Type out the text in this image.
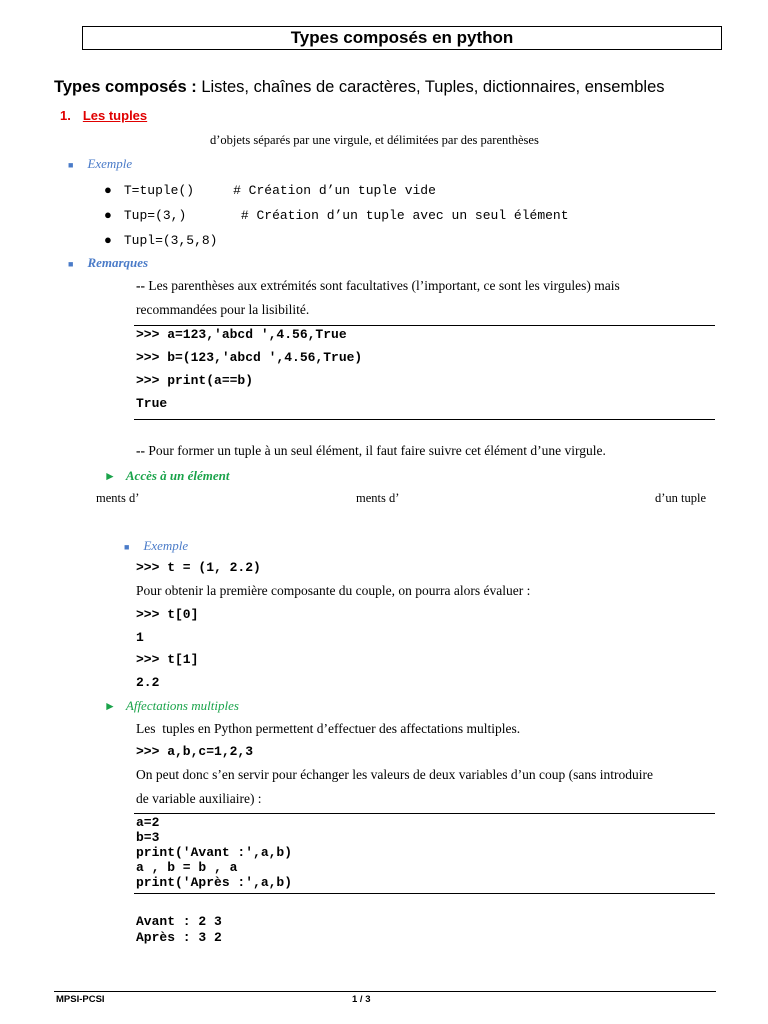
Types composés en python
Types composés : Listes, chaînes de caractères, Tuples, dictionnaires, ensembles
1. Les tuples
d’objets séparés par une virgule, et délimitées par des parenthèses
■ Exemple
● T=tuple()     # Création d’un tuple vide
● Tup=(3,)       # Création d’un tuple avec un seul élément
● Tupl=(3,5,8)
■ Remarques
-- Les parenthèses aux extrémités sont facultatives (l’important, ce sont les virgules) mais
recommandées pour la lisibilité.
>>> a=123,'abcd ',4.56,True
>>> b=(123,'abcd ',4.56,True)
>>> print(a==b)
True
-- Pour former un tuple à un seul élément, il faut faire suivre cet élément d’une virgule.
► Accès à un élément
ments d’	ments d’	d’un tuple
■ Exemple
>>> t = (1, 2.2)
Pour obtenir la première composante du couple, on pourra alors évaluer :
>>> t[0]
1
>>> t[1]
2.2
► Affectations multiples
Les  tuples en Python permettent d’effectuer des affectations multiples.
>>> a,b,c=1,2,3
On peut donc s’en servir pour échanger les valeurs de deux variables d’un coup (sans introduire
de variable auxiliaire) :
a=2
b=3
print('Avant :',a,b)
a , b = b , a
print('Après :',a,b)
Avant : 2 3
Après : 3 2
MPSI-PCSI	1 / 3
